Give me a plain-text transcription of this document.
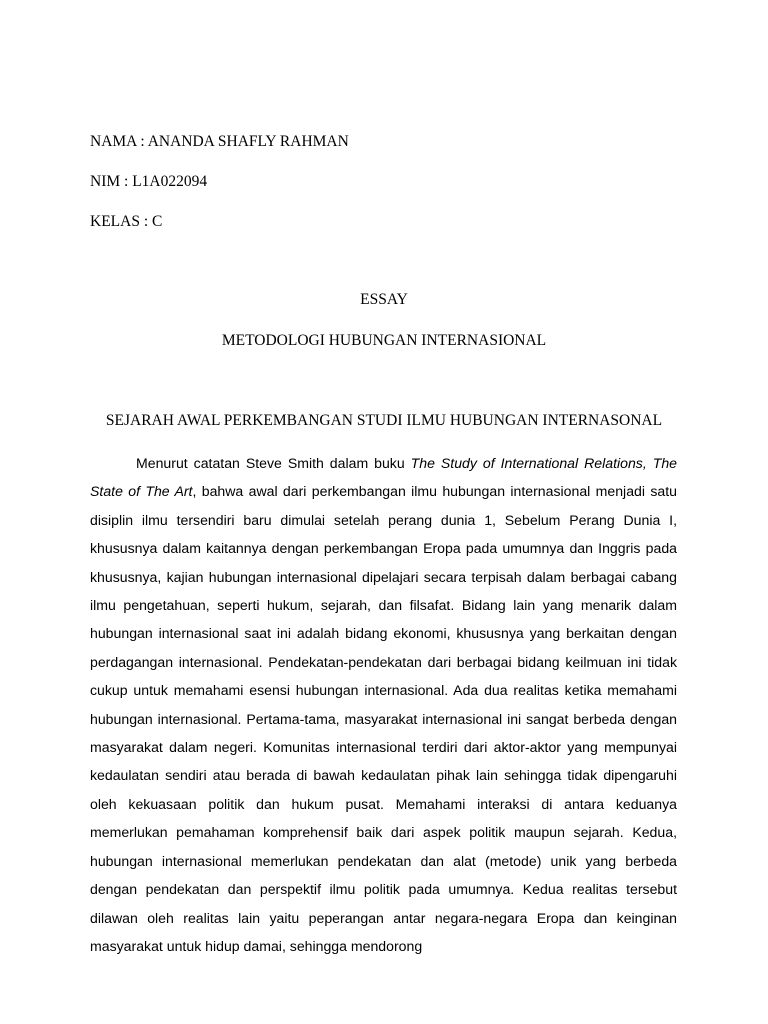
NAMA : ANANDA SHAFLY RAHMAN
NIM : L1A022094
KELAS : C
ESSAY
METODOLOGI HUBUNGAN INTERNASIONAL
SEJARAH AWAL PERKEMBANGAN STUDI ILMU HUBUNGAN INTERNASONAL

Menurut catatan Steve Smith dalam buku The Study of International Relations, The State of The Art, bahwa awal dari perkembangan ilmu hubungan internasional menjadi satu disiplin ilmu tersendiri baru dimulai setelah perang dunia 1, Sebelum Perang Dunia I, khususnya dalam kaitannya dengan perkembangan Eropa pada umumnya dan Inggris pada khususnya, kajian hubungan internasional dipelajari secara terpisah dalam berbagai cabang ilmu pengetahuan, seperti hukum, sejarah, dan filsafat. Bidang lain yang menarik dalam hubungan internasional saat ini adalah bidang ekonomi, khususnya yang berkaitan dengan perdagangan internasional. Pendekatan-pendekatan dari berbagai bidang keilmuan ini tidak cukup untuk memahami esensi hubungan internasional. Ada dua realitas ketika memahami hubungan internasional. Pertama-tama, masyarakat internasional ini sangat berbeda dengan masyarakat dalam negeri. Komunitas internasional terdiri dari aktor-aktor yang mempunyai kedaulatan sendiri atau berada di bawah kedaulatan pihak lain sehingga tidak dipengaruhi oleh kekuasaan politik dan hukum pusat. Memahami interaksi di antara keduanya memerlukan pemahaman komprehensif baik dari aspek politik maupun sejarah. Kedua, hubungan internasional memerlukan pendekatan dan alat (metode) unik yang berbeda dengan pendekatan dan perspektif ilmu politik pada umumnya. Kedua realitas tersebut dilawan oleh realitas lain yaitu peperangan antar negara-negara Eropa dan keinginan masyarakat untuk hidup damai, sehingga mendorong
